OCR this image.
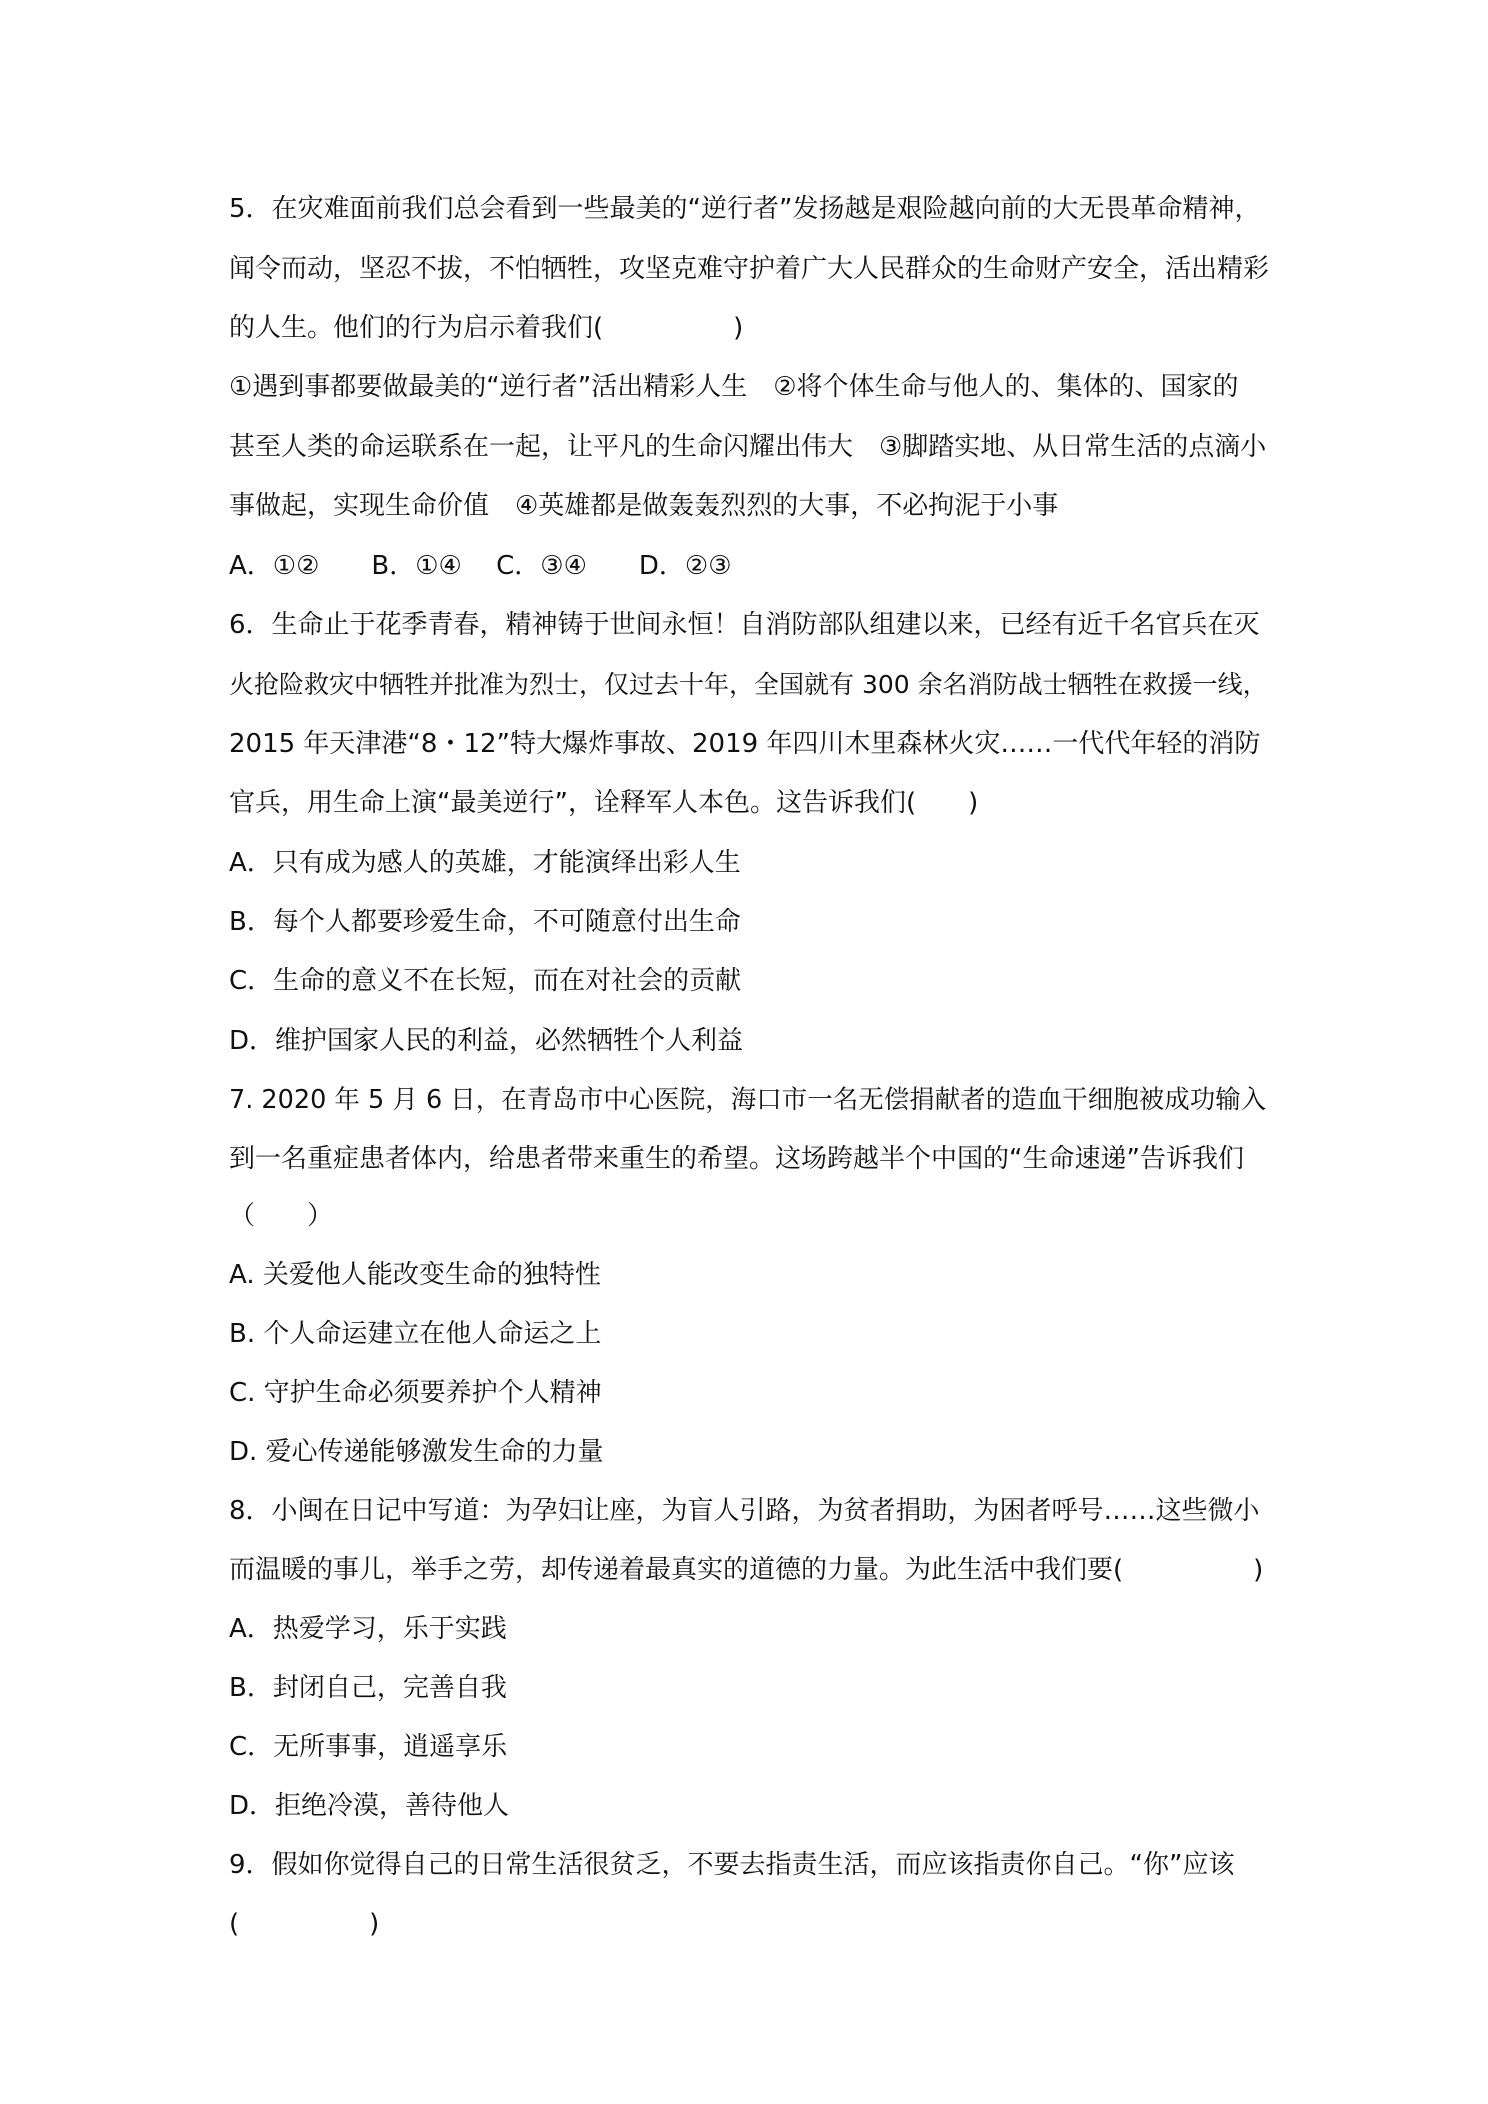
5．在灾难面前我们总会看到一些最美的“逆行者”发扬越是艰险越向前的大无畏革命精神，
闻令而动，坚忍不拔，不怕牺牲，攻坚克难守护着广大人民群众的生命财产安全，活出精彩
的人生。他们的行为启示着我们(　　　　　)
①遇到事都要做最美的“逆行者”活出精彩人生　②将个体生命与他人的、集体的、国家的
甚至人类的命运联系在一起，让平凡的生命闪耀出伟大　③脚踏实地、从日常生活的点滴小
事做起，实现生命价值　④英雄都是做轰轰烈烈的大事，不必拘泥于小事
A．①②　　B．①④　 C．③④　　D．②③
6．生命止于花季青春，精神铸于世间永恒！自消防部队组建以来，已经有近千名官兵在灭
火抢险救灾中牺牲并批准为烈士，仅过去十年，全国就有 300 余名消防战士牺牲在救援一线，
2015 年天津港“8・12”特大爆炸事故、2019 年四川木里森林火灾……一代代年轻的消防
官兵，用生命上演“最美逆行”，诠释军人本色。这告诉我们(　　)
A．只有成为感人的英雄，才能演绎出彩人生
B．每个人都要珍爱生命，不可随意付出生命
C．生命的意义不在长短，而在对社会的贡献
D．维护国家人民的利益，必然牺牲个人利益
7. 2020 年 5 月 6 日，在青岛市中心医院，海口市一名无偿捐献者的造血干细胞被成功输入
到一名重症患者体内，给患者带来重生的希望。这场跨越半个中国的“生命速递”告诉我们
（　　）
A. 关爱他人能改变生命的独特性
B. 个人命运建立在他人命运之上
C. 守护生命必须要养护个人精神
D. 爱心传递能够激发生命的力量
8．小闽在日记中写道：为孕妇让座，为盲人引路，为贫者捐助，为困者呼号……这些微小
而温暖的事儿，举手之劳，却传递着最真实的道德的力量。为此生活中我们要(　　　　　)
A．热爱学习，乐于实践
B．封闭自己，完善自我
C．无所事事，逍遥享乐
D．拒绝冷漠，善待他人
9．假如你觉得自己的日常生活很贫乏，不要去指责生活，而应该指责你自己。“你”应该
(　　　　　)
